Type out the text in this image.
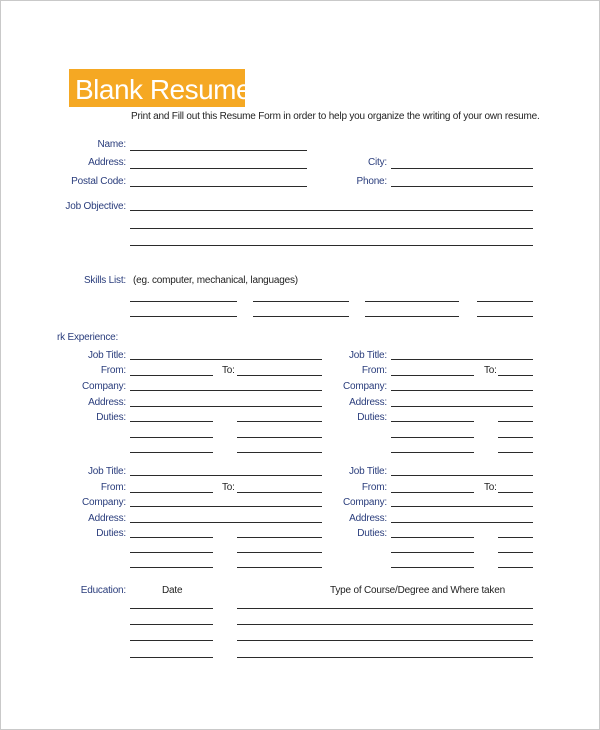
Blank Resume
Print and Fill out this Resume Form in order to help you organize the writing of your own resume.
Name:
Address:	City:
Postal Code:	Phone:
Job Objective:
Skills List: (eg. computer, mechanical, languages)
rk Experience:
Job Title:
From:	To:
Company:
Address:
Duties:
Job Title:
From:	To:
Company:
Address:
Duties:
Job Title:
From:	To:
Company:
Address:
Duties:
Job Title:
From:	To:
Company:
Address:
Duties:
Education:	Date	Type of Course/Degree and Where taken
